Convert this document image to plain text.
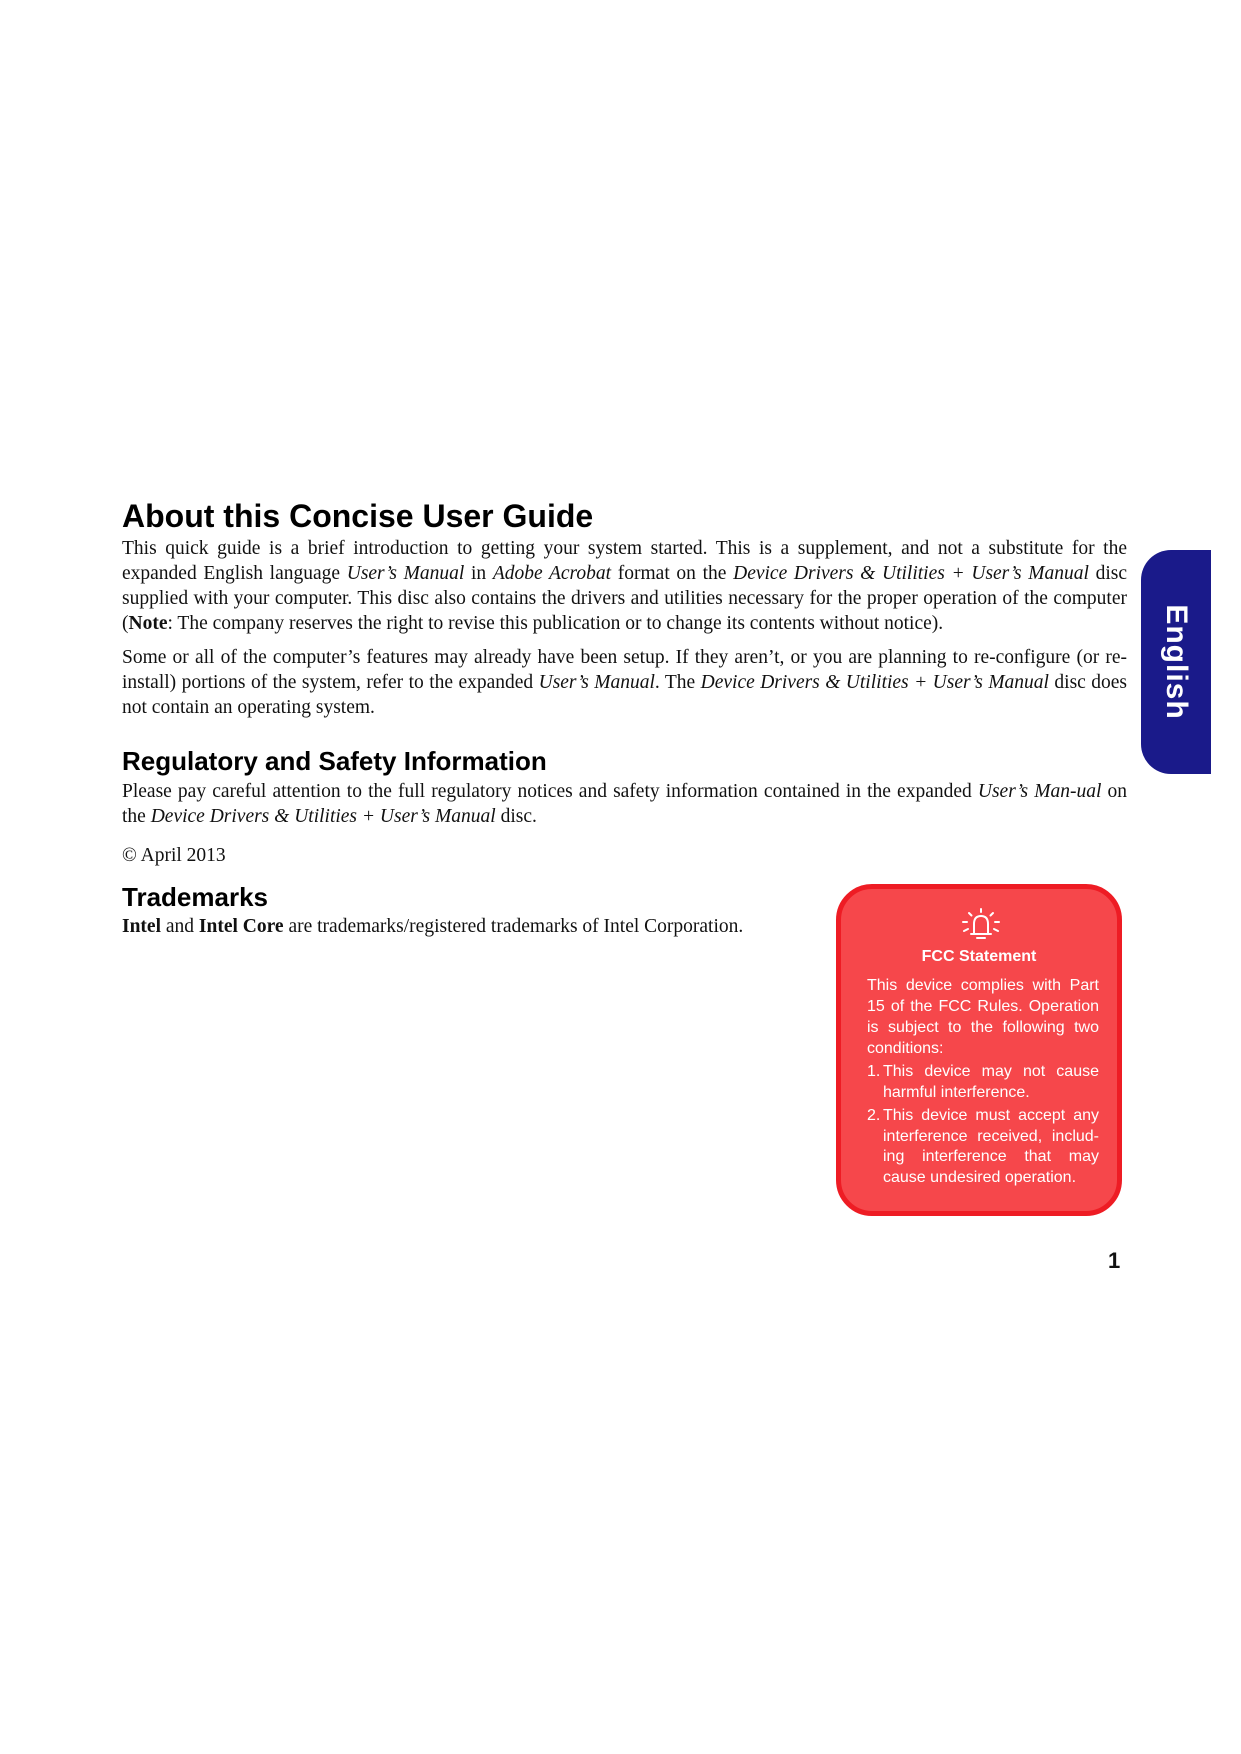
About this Concise User Guide

This quick guide is a brief introduction to getting your system started. This is a supplement, and not a substitute for the expanded English language User’s Manual in Adobe Acrobat format on the Device Drivers & Utilities + User’s Manual disc supplied with your computer. This disc also contains the drivers and utilities necessary for the proper operation of the computer (Note: The company reserves the right to revise this publication or to change its contents without notice).

Some or all of the computer’s features may already have been setup. If they aren’t, or you are planning to re-configure (or re-install) portions of the system, refer to the expanded User’s Manual. The Device Drivers & Utilities + User’s Manual disc does not contain an operating system.

Regulatory and Safety Information

Please pay careful attention to the full regulatory notices and safety information contained in the expanded User’s Man-ual on the Device Drivers & Utilities + User’s Manual disc.

© April 2013

Trademarks

Intel and Intel Core are trademarks/registered trademarks of Intel Corporation.

English
FCC Statement

This device complies with Part 15 of the FCC Rules. Operation is subject to the following two conditions:

1. This device may not cause harmful interference.
2. This device must accept any interference received, includ-ing interference that may cause undesired operation.

1
